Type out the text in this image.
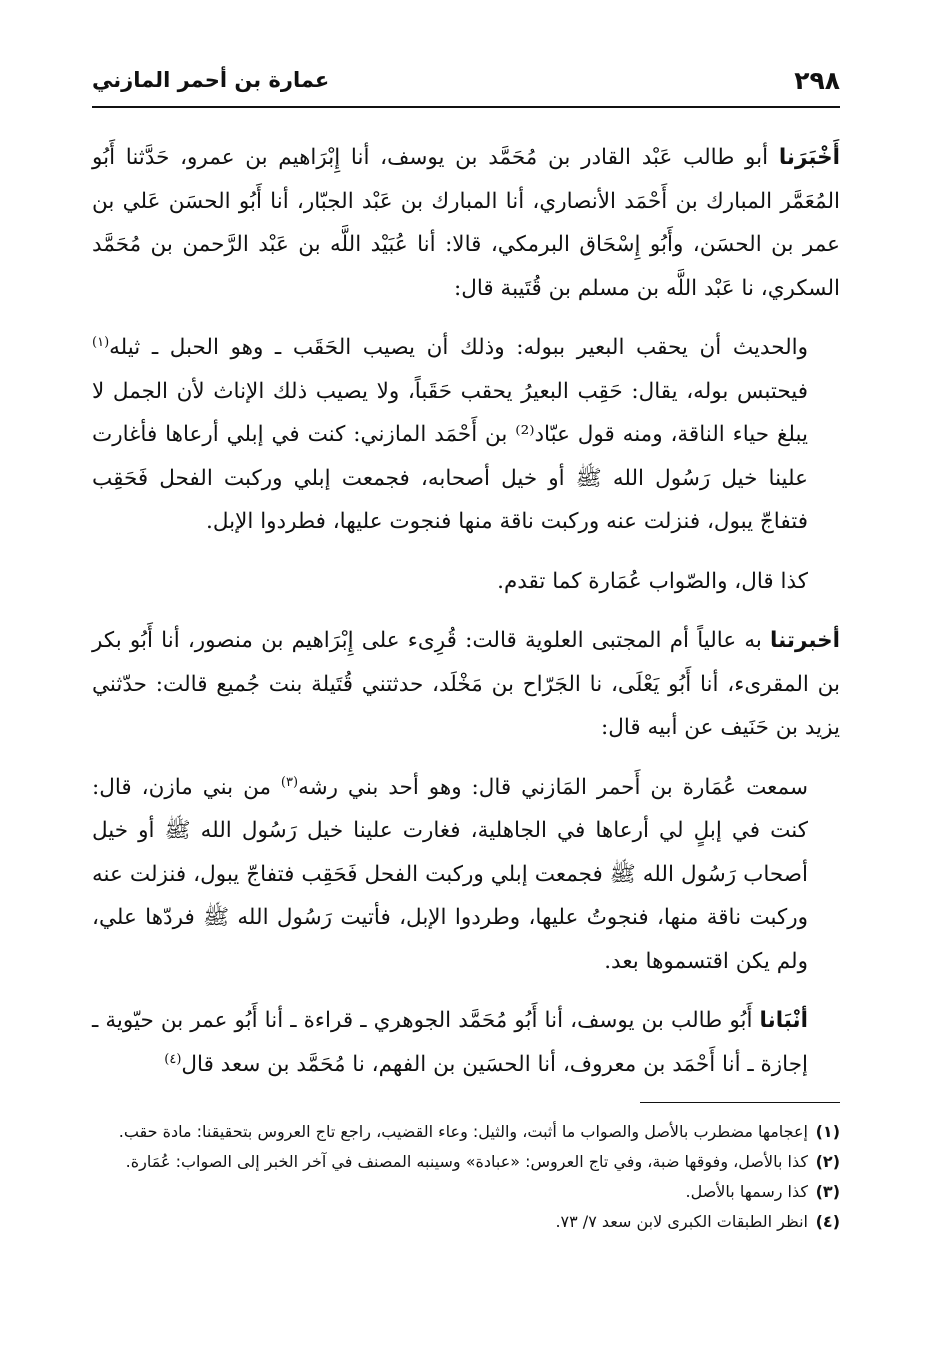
٢٩٨
عمارة بن أحمر المازني

أَخْبَرَنا أبو طالب عَبْد القادر بن مُحَمَّد بن يوسف، أنا إِبْرَاهيم بن عمرو، حَدَّثنا أَبُو المُعَمَّر المبارك بن أَحْمَد الأنصاري، أنا المبارك بن عَبْد الجبّار، أنا أَبُو الحسَن عَلي بن عمر بن الحسَن، وأَبُو إِسْحَاق البرمكي، قالا: أنا عُبَيْد اللَّه بن عَبْد الرَّحمن بن مُحَمَّد السكري، نا عَبْد اللَّه بن مسلم بن قُتَيبة قال:

والحديث أن يحقب البعير ببوله: وذلك أن يصيب الحَقَب ـ وهو الحبل ـ ثيله$^{(١)}$ فيحتبس بوله، يقال: حَقِب البعيرُ يحقب حَقَباً، ولا يصيب ذلك الإناث لأن الجمل لا يبلغ حياء الناقة، ومنه قول عبّاد⁽²⁾ بن أَحْمَد المازني: كنت في إبلي أرعاها فأغارت علينا خيل رَسُول الله ﷺ أو خيل أصحابه، فجمعت إبلي وركبت الفحل فَحَقِب فتفاجّ يبول، فنزلت عنه وركبت ناقة منها فنجوت عليها، فطردوا الإبل.

كذا قال، والصّواب عُمَارة كما تقدم.

أخبرتنا به عالياً أم المجتبى العلوية قالت: قُرِىء على إِبْرَاهيم بن منصور، أنا أَبُو بكر بن المقرىء، أنا أَبُو يَعْلَى، نا الجَرّاح بن مَخْلَد، حدثتني قُتَيلة بنت جُميع قالت: حدّثني يزيد بن حَنَيف عن أبيه قال:

سمعت عُمَارة بن أَحمر المَازني قال: وهو أحد بني رشه$^{(٣)}$ من بني مازن، قال: كنت في إبلٍ لي أرعاها في الجاهلية، فغارت علينا خيل رَسُول الله ﷺ أو خيل أصحاب رَسُول الله ﷺ فجمعت إبلي وركبت الفحل فَحَقِب فتفاجّ يبول، فنزلت عنه وركبت ناقة منها، فنجوتُ عليها، وطردوا الإبل، فأتيت رَسُول الله ﷺ فردّها علي، ولم يكن اقتسموها بعد.

أنْبَانا أَبُو طالب بن يوسف، أنا أَبُو مُحَمَّد الجوهري ـ قراءة ـ أنا أَبُو عمر بن حيّوية ـ إجازة ـ أنا أَحْمَد بن معروف، أنا الحسَين بن الفهم، نا مُحَمَّد بن سعد قال$^{(٤)}$

(١)
إعجامها مضطرب بالأصل والصواب ما أثبت، والثيل: وعاء القضيب، راجع تاج العروس بتحقيقنا: مادة حقب.
(٢)
كذا بالأصل، وفوقها ضبة، وفي تاج العروس: «عبادة» وسينبه المصنف في آخر الخبر إلى الصواب: عُمَارة.
(٣)
كذا رسمها بالأصل.
(٤)
انظر الطبقات الكبرى لابن سعد ٧/ ٧٣.
